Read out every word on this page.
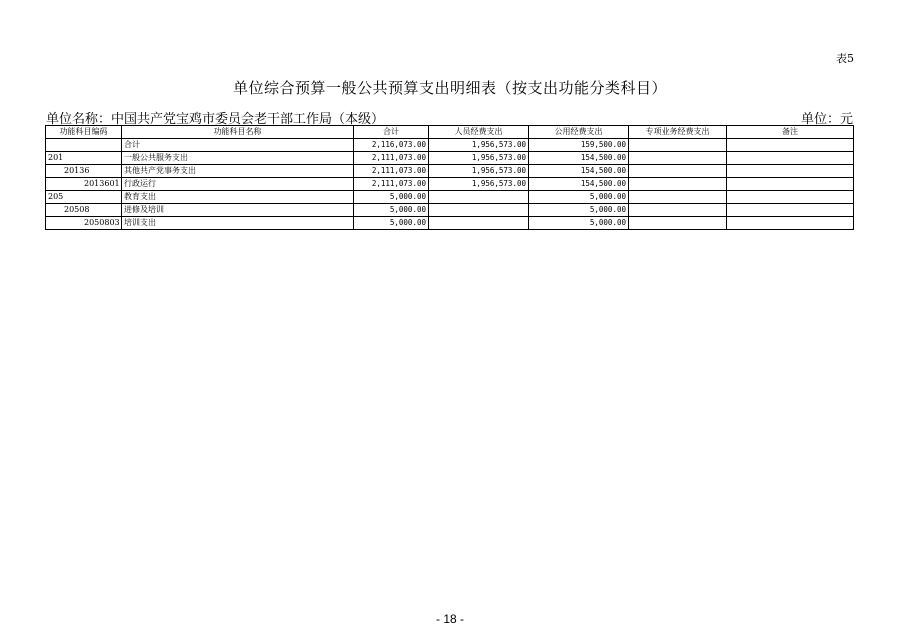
表5
单位综合预算一般公共预算支出明细表（按支出功能分类科目）
单位名称：中国共产党宝鸡市委员会老干部工作局（本级）	单位：元
功能科目编码	功能科目名称	合计	人员经费支出	公用经费支出	专项业务经费支出	备注
	合计	2,116,073.00	1,956,573.00	159,500.00		
201	一般公共服务支出	2,111,073.00	1,956,573.00	154,500.00		
20136	其他共产党事务支出	2,111,073.00	1,956,573.00	154,500.00		
2013601	行政运行	2,111,073.00	1,956,573.00	154,500.00		
205	教育支出	5,000.00		5,000.00		
20508	进修及培训	5,000.00		5,000.00		
2050803	培训支出	5,000.00		5,000.00		
- 18 -
